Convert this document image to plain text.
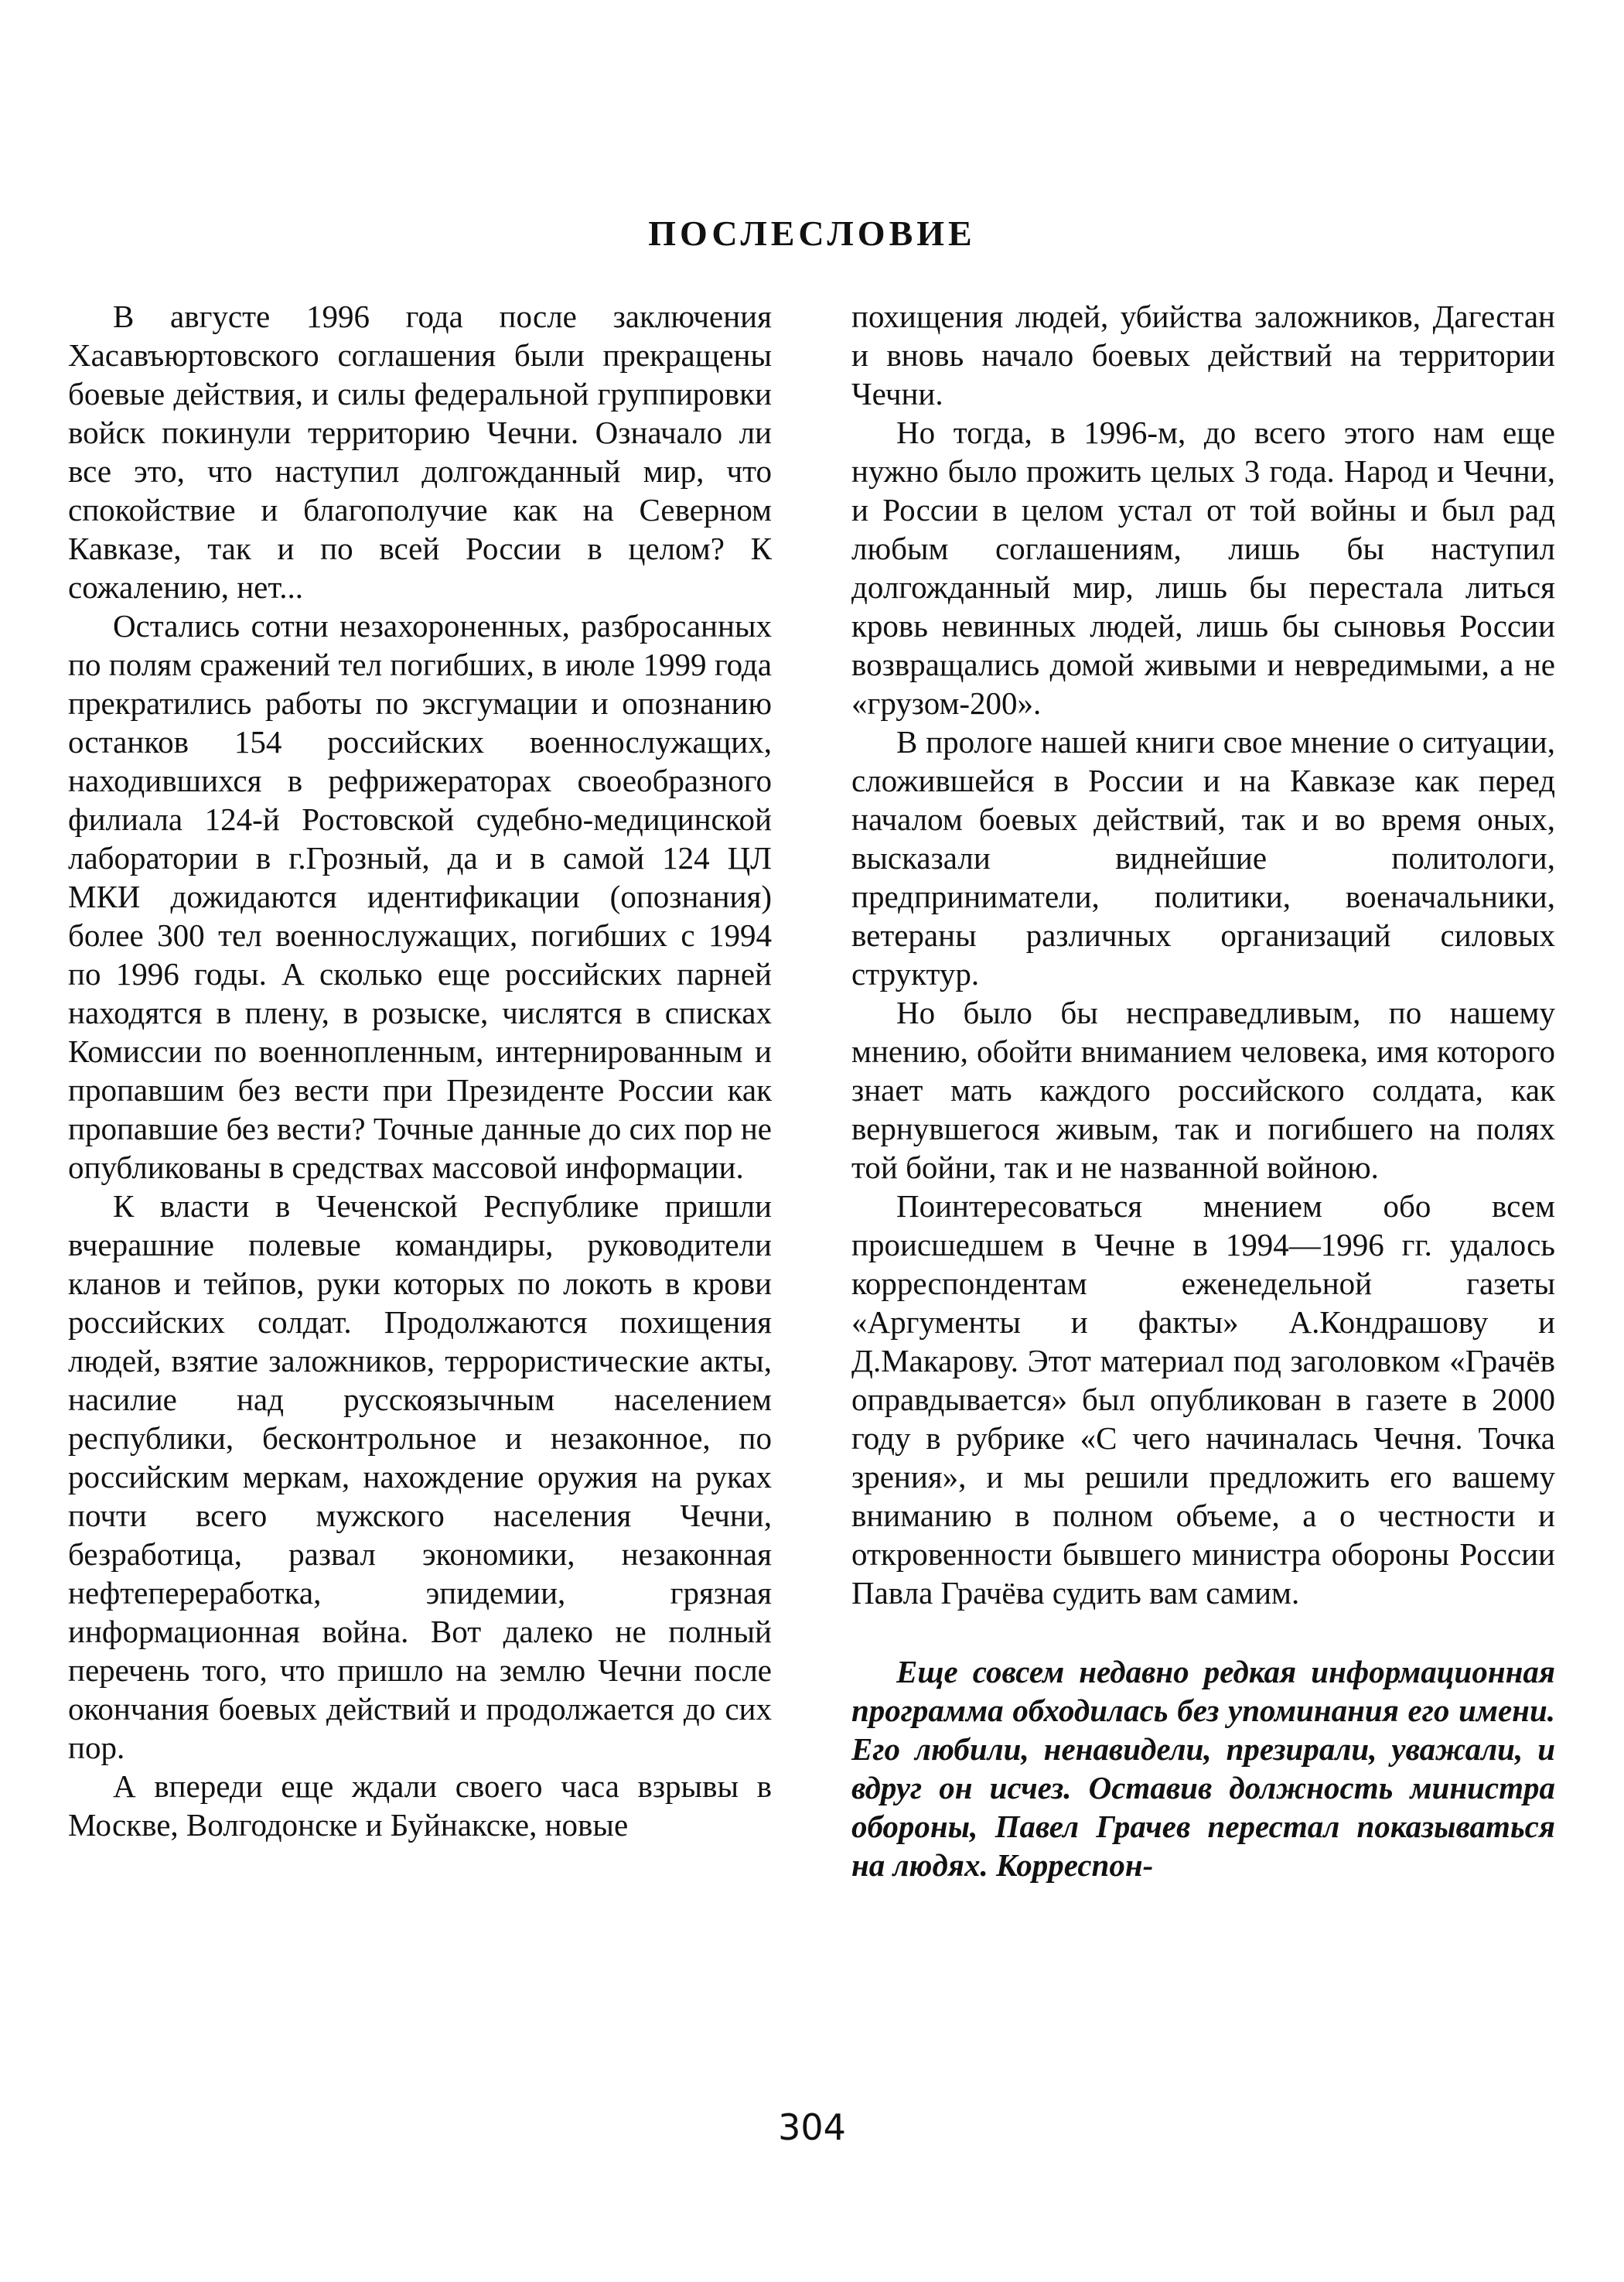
ПОСЛЕСЛОВИЕ

В августе 1996 года после заключения Хасавъюртовского соглашения были прекращены боевые действия, и силы федеральной группировки войск покинули территорию Чечни. Означало ли все это, что наступил долгожданный мир, что спокойствие и благополучие как на Северном Кавказе, так и по всей России в целом? К сожалению, нет...

Остались сотни незахороненных, разбросанных по полям сражений тел погибших, в июле 1999 года прекратились работы по эксгумации и опознанию останков 154 российских военнослужащих, находившихся в рефрижераторах своеобразного филиала 124-й Ростовской судебно-медицинской лаборатории в г.Грозный, да и в самой 124 ЦЛ МКИ дожидаются идентификации (опознания) более 300 тел военнослужащих, погибших с 1994 по 1996 годы. А сколько еще российских парней находятся в плену, в розыске, числятся в списках Комиссии по военнопленным, интернированным и пропавшим без вести при Президенте России как пропавшие без вести? Точные данные до сих пор не опубликованы в средствах массовой информации.

К власти в Чеченской Республике пришли вчерашние полевые командиры, руководители кланов и тейпов, руки которых по локоть в крови российских солдат. Продолжаются похищения людей, взятие заложников, террористические акты, насилие над русскоязычным населением республики, бесконтрольное и незаконное, по российским меркам, нахождение оружия на руках почти всего мужского населения Чечни, безработица, развал экономики, незаконная нефтепереработка, эпидемии, грязная информационная война. Вот далеко не полный перечень того, что пришло на землю Чечни после окончания боевых действий и продолжается до сих пор.

А впереди еще ждали своего часа взрывы в Москве, Волгодонске и Буйнакске, новые

похищения людей, убийства заложников, Дагестан и вновь начало боевых действий на территории Чечни.

Но тогда, в 1996-м, до всего этого нам еще нужно было прожить целых 3 года. Народ и Чечни, и России в целом устал от той войны и был рад любым соглашениям, лишь бы наступил долгожданный мир, лишь бы перестала литься кровь невинных людей, лишь бы сыновья России возвращались домой живыми и невредимыми, а не «грузом-200».

В прологе нашей книги свое мнение о ситуации, сложившейся в России и на Кавказе как перед началом боевых действий, так и во время оных, высказали виднейшие политологи, предприниматели, политики, военачальники, ветераны различных организаций силовых структур.

Но было бы несправедливым, по нашему мнению, обойти вниманием человека, имя которого знает мать каждого российского солдата, как вернувшегося живым, так и погибшего на полях той бойни, так и не названной войною.

Поинтересоваться мнением обо всем происшедшем в Чечне в 1994—1996 гг. удалось корреспондентам еженедельной газеты «Аргументы и факты» А.Кондрашову и Д.Макарову. Этот материал под заголовком «Грачёв оправдывается» был опубликован в газете в 2000 году в рубрике «С чего начиналась Чечня. Точка зрения», и мы решили предложить его вашему вниманию в полном объеме, а о честности и откровенности бывшего министра обороны России Павла Грачёва судить вам самим.

Еще совсем недавно редкая информационная программа обходилась без упоминания его имени. Его любили, ненавидели, презирали, уважали, и вдруг он исчез. Оставив должность министра обороны, Павел Грачев перестал показываться на людях. Корреспон-

304
